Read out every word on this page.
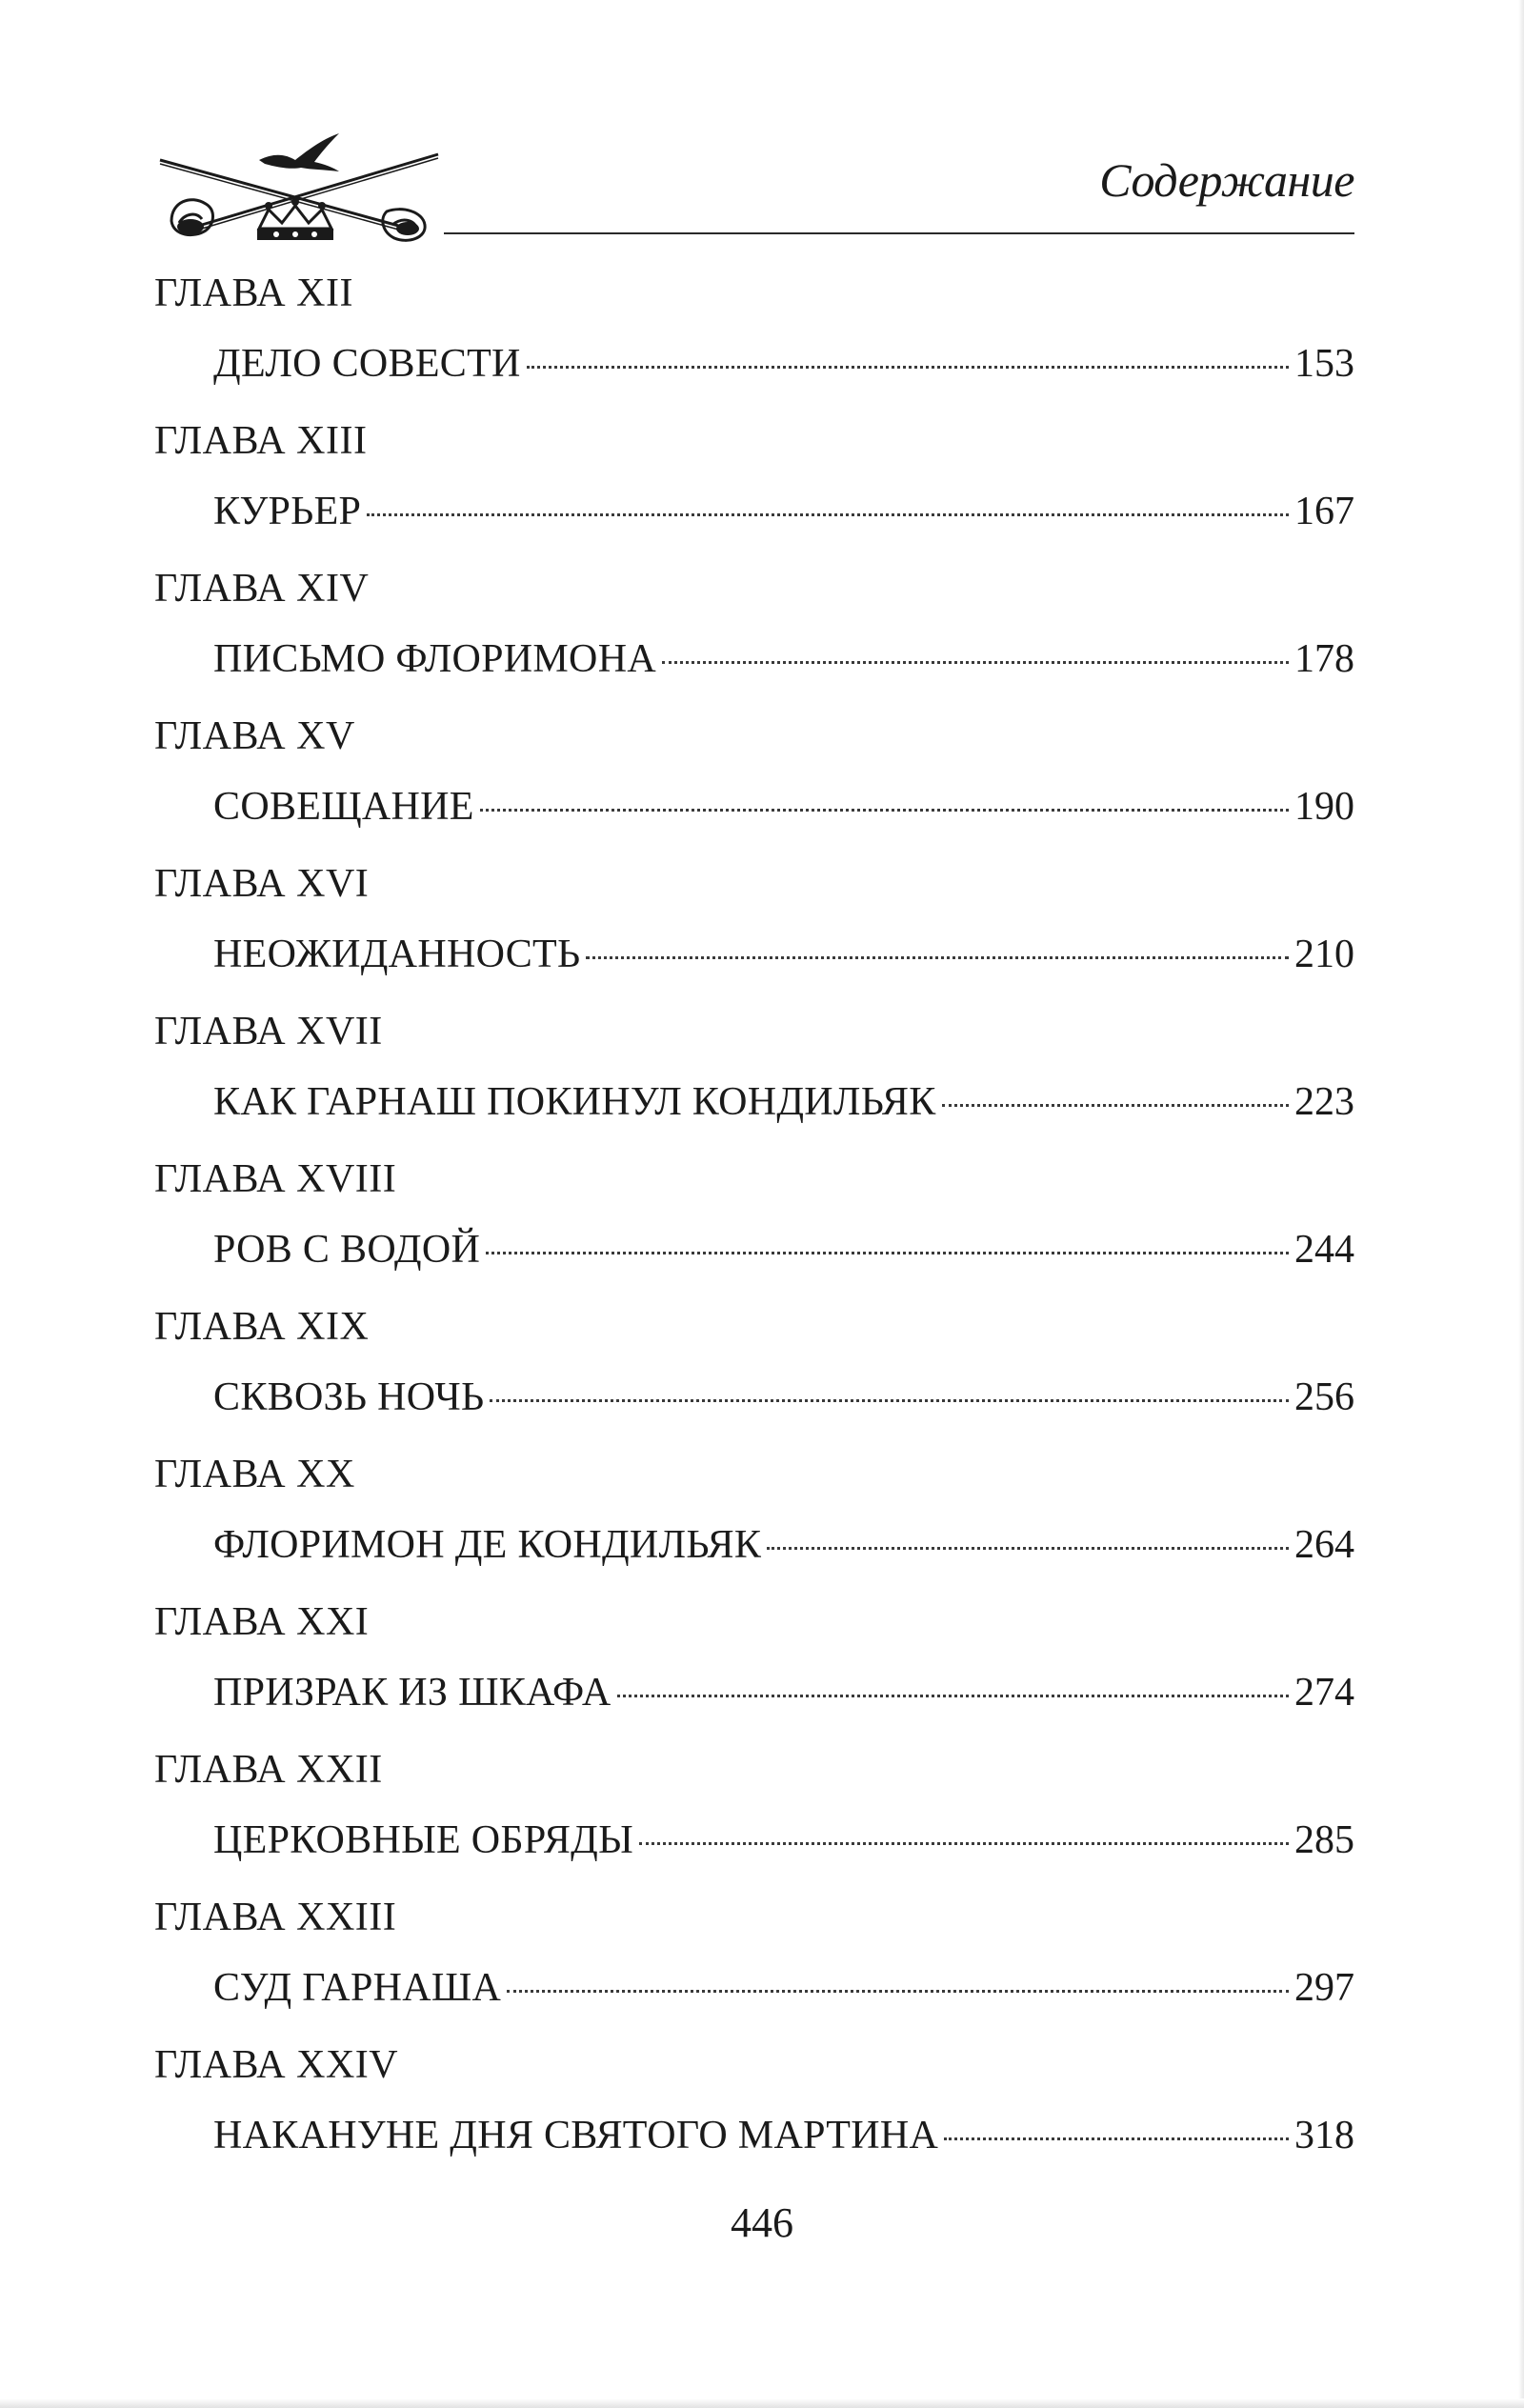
Содержание
ГЛАВА XII
ДЕЛО СОВЕСТИ	153
ГЛАВА XIII
КУРЬЕР	167
ГЛАВА XIV
ПИСЬМО ФЛОРИМОНА	178
ГЛАВА XV
СОВЕЩАНИЕ	190
ГЛАВА XVI
НЕОЖИДАННОСТЬ	210
ГЛАВА XVII
КАК ГАРНАШ ПОКИНУЛ КОНДИЛЬЯК	223
ГЛАВА XVIII
РОВ С ВОДОЙ	244
ГЛАВА XIX
СКВОЗЬ НОЧЬ	256
ГЛАВА XX
ФЛОРИМОН ДЕ КОНДИЛЬЯК	264
ГЛАВА XXI
ПРИЗРАК ИЗ ШКАФА	274
ГЛАВА XXII
ЦЕРКОВНЫЕ ОБРЯДЫ	285
ГЛАВА XXIII
СУД ГАРНАША	297
ГЛАВА XXIV
НАКАНУНЕ ДНЯ СВЯТОГО МАРТИНА	318
446
